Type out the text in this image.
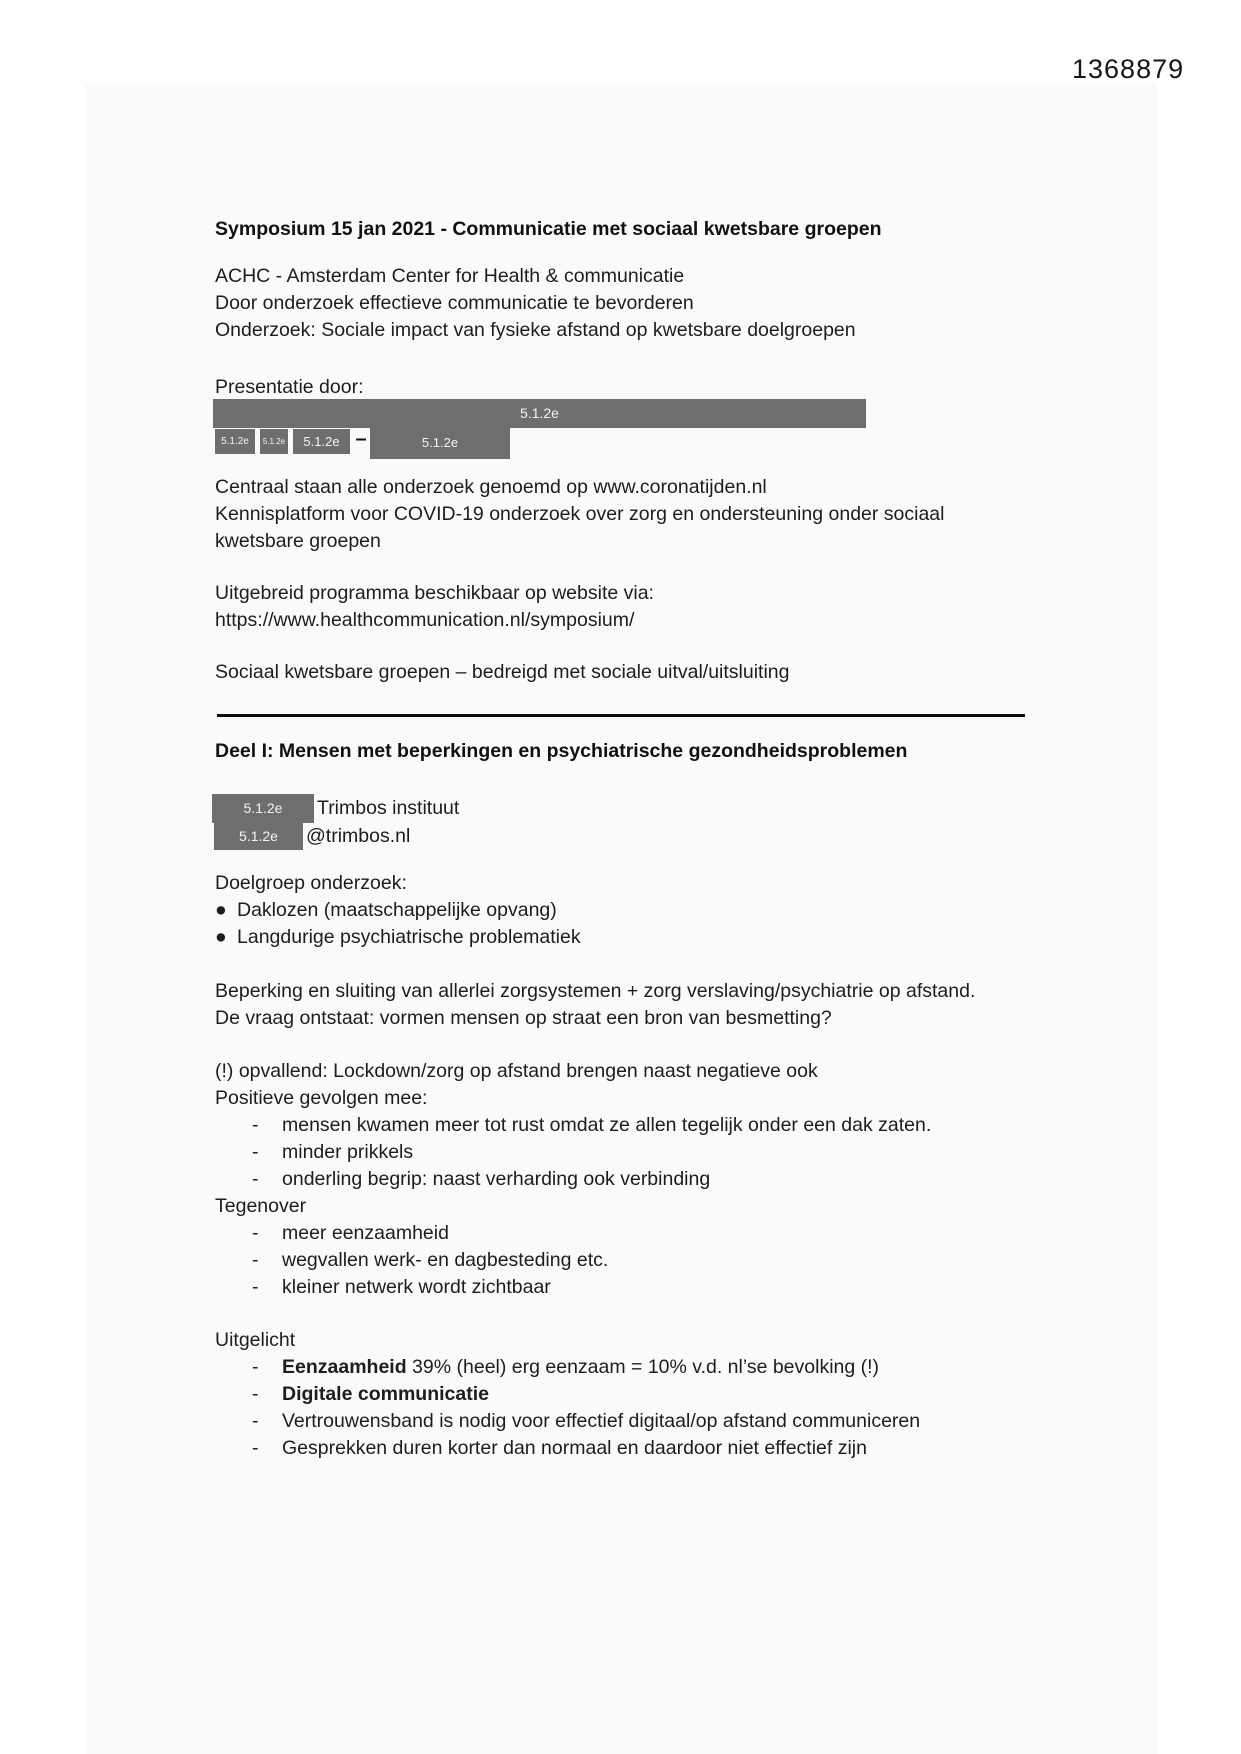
1368879
Symposium 15 jan 2021 - Communicatie met sociaal kwetsbare groepen
ACHC - Amsterdam Center for Health & communicatie
Door onderzoek effectieve communicatie te bevorderen
Onderzoek: Sociale impact van fysieke afstand op kwetsbare doelgroepen
Presentatie door:
5.1.2e
5.1.2e 5.1.2e 5.1.2e –	5.1.2e
Centraal staan alle onderzoek genoemd op www.coronatijden.nl
Kennisplatform voor COVID-19 onderzoek over zorg en ondersteuning onder sociaal
kwetsbare groepen
Uitgebreid programma beschikbaar op website via:
https://www.healthcommunication.nl/symposium/
Sociaal kwetsbare groepen – bedreigd met sociale uitval/uitsluiting
Deel I: Mensen met beperkingen en psychiatrische gezondheidsproblemen
5.1.2e Trimbos instituut
5.1.2e @trimbos.nl
Doelgroep onderzoek:
● Daklozen (maatschappelijke opvang)
● Langdurige psychiatrische problematiek
Beperking en sluiting van allerlei zorgsystemen + zorg verslaving/psychiatrie op afstand.
De vraag ontstaat: vormen mensen op straat een bron van besmetting?
(!) opvallend: Lockdown/zorg op afstand brengen naast negatieve ook
Positieve gevolgen mee:
- mensen kwamen meer tot rust omdat ze allen tegelijk onder een dak zaten.
- minder prikkels
- onderling begrip: naast verharding ook verbinding
Tegenover
- meer eenzaamheid
- wegvallen werk- en dagbesteding etc.
- kleiner netwerk wordt zichtbaar
Uitgelicht
- Eenzaamheid 39% (heel) erg eenzaam = 10% v.d. nl’se bevolking (!)
- Digitale communicatie
- Vertrouwensband is nodig voor effectief digitaal/op afstand communiceren
- Gesprekken duren korter dan normaal en daardoor niet effectief zijn
